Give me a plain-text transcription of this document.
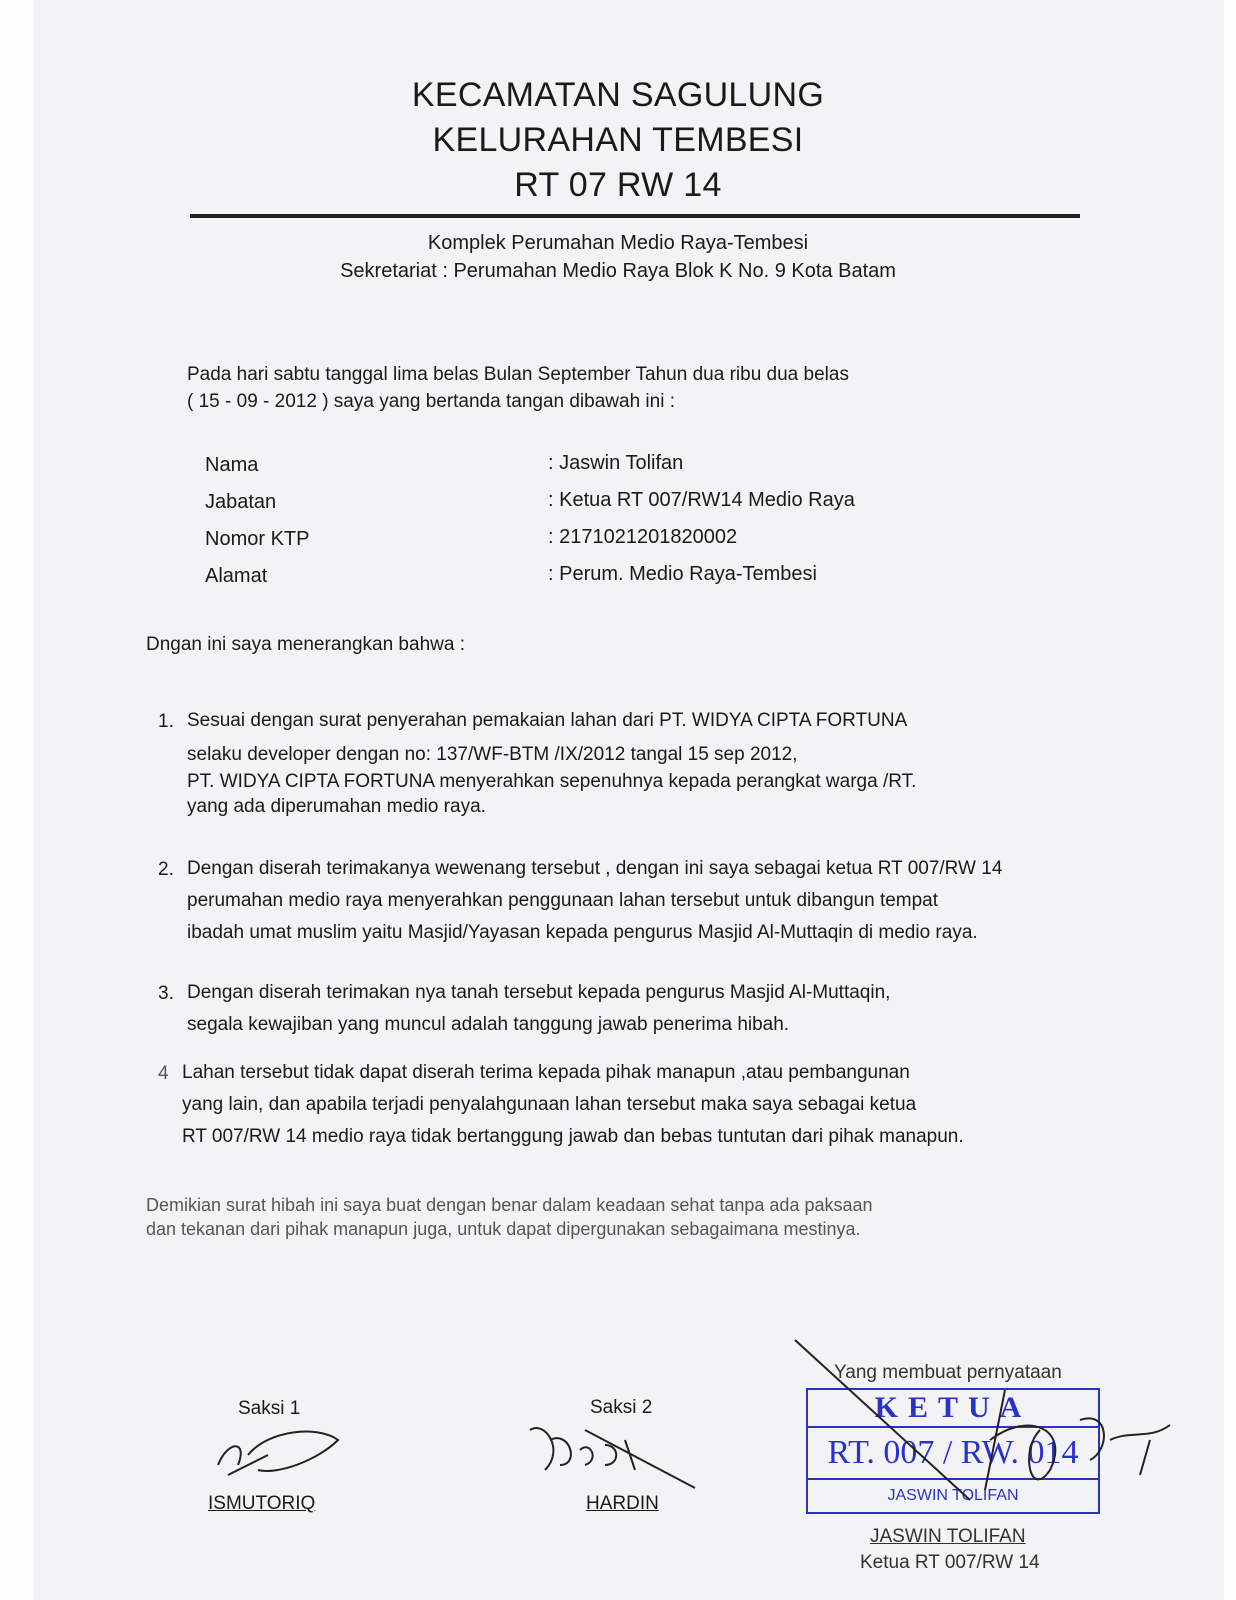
KECAMATAN SAGULUNG
KELURAHAN TEMBESI
RT 07 RW 14
Komplek Perumahan Medio Raya-Tembesi
Sekretariat : Perumahan Medio Raya Blok K No. 9 Kota Batam
Pada hari sabtu tanggal lima belas Bulan September Tahun dua ribu dua belas
( 15 - 09 - 2012 ) saya yang bertanda tangan dibawah ini :
Nama	: Jaswin Tolifan
Jabatan	: Ketua RT 007/RW14 Medio Raya
Nomor KTP	: 2171021201820002
Alamat	: Perum. Medio Raya-Tembesi
Dngan ini saya menerangkan bahwa :
1. Sesuai dengan surat penyerahan pemakaian lahan dari PT. WIDYA CIPTA FORTUNA
selaku developer dengan no: 137/WF-BTM /IX/2012 tangal 15 sep 2012,
PT. WIDYA CIPTA FORTUNA menyerahkan sepenuhnya kepada perangkat warga /RT.
yang ada diperumahan medio raya.
2. Dengan diserah terimakanya wewenang tersebut , dengan ini saya sebagai ketua RT 007/RW 14
perumahan medio raya menyerahkan penggunaan lahan tersebut untuk dibangun tempat
ibadah umat muslim yaitu Masjid/Yayasan kepada pengurus Masjid Al-Muttaqin di medio raya.
3. Dengan diserah terimakan nya tanah tersebut kepada pengurus Masjid Al-Muttaqin,
segala kewajiban yang muncul adalah tanggung jawab penerima hibah.
4 Lahan tersebut tidak dapat diserah terima kepada pihak manapun ,atau pembangunan
yang lain, dan apabila terjadi penyalahgunaan lahan tersebut maka saya sebagai ketua
RT 007/RW 14 medio raya tidak bertanggung jawab dan bebas tuntutan dari pihak manapun.
Demikian surat hibah ini saya buat dengan benar dalam keadaan sehat tanpa ada paksaan
dan tekanan dari pihak manapun juga, untuk dapat dipergunakan sebagaimana mestinya.
Saksi 1
ISMUTORIQ
Saksi 2
HARDIN
Yang membuat pernyataan
KETUA
RT. 007 / RW. 014
JASWIN TOLIFAN
JASWIN TOLIFAN
Ketua RT 007/RW 14
